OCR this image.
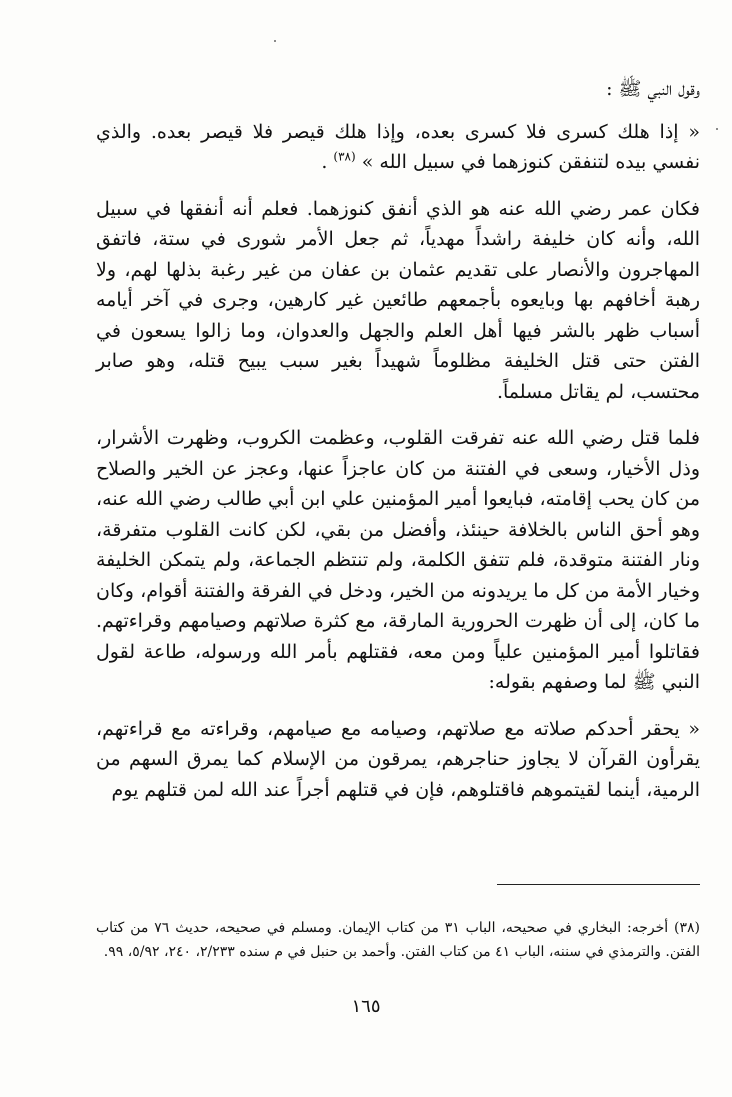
وقول النبي ﷺ :

« إذا هلك كسرى فلا كسرى بعده، وإذا هلك قيصر فلا قيصر بعده. والذي نفسي بيده لتنفقن كنوزهما في سبيل الله » $^{(٣٨)}$ .

فكان عمر رضي الله عنه هو الذي أنفق كنوزهما. فعلم أنه أنفقها في سبيل الله، وأنه كان خليفة راشداً مهدياً، ثم جعل الأمر شورى في ستة، فاتفق المهاجرون والأنصار على تقديم عثمان بن عفان من غير رغبة بذلها لهم، ولا رهبة أخافهم بها وبايعوه بأجمعهم طائعين غير كارهين، وجرى في آخر أيامه أسباب ظهر بالشر فيها أهل العلم والجهل والعدوان، وما زالوا يسعون في الفتن حتى قتل الخليفة مظلوماً شهيداً بغير سبب يبيح قتله، وهو صابر محتسب، لم يقاتل مسلماً.

فلما قتل رضي الله عنه تفرقت القلوب، وعظمت الكروب، وظهرت الأشرار، وذل الأخيار، وسعى في الفتنة من كان عاجزاً عنها، وعجز عن الخير والصلاح من كان يحب إقامته، فبايعوا أمير المؤمنين علي ابن أبي طالب رضي الله عنه، وهو أحق الناس بالخلافة حينئذ، وأفضل من بقي، لكن كانت القلوب متفرقة، ونار الفتنة متوقدة، فلم تتفق الكلمة، ولم تنتظم الجماعة، ولم يتمكن الخليفة وخيار الأمة من كل ما يريدونه من الخير، ودخل في الفرقة والفتنة أقوام، وكان ما كان، إلى أن ظهرت الحرورية المارقة، مع كثرة صلاتهم وصيامهم وقراءتهم. فقاتلوا أمير المؤمنين علياً ومن معه، فقتلهم بأمر الله ورسوله، طاعة لقول النبي ﷺ لما وصفهم بقوله:

« يحقر أحدكم صلاته مع صلاتهم، وصيامه مع صيامهم، وقراءته مع قراءتهم، يقرأون القرآن لا يجاوز حناجرهم، يمرقون من الإسلام كما يمرق السهم من الرمية، أينما لقيتموهم فاقتلوهم، فإن في قتلهم أجراً عند الله لمن قتلهم يوم

(٣٨) أخرجه: البخاري في صحيحه، الباب ٣١ من كتاب الإيمان. ومسلم في صحيحه، حديث ٧٦ من كتاب الفتن. والترمذي في سننه، الباب ٤١ من كتاب الفتن. وأحمد بن حنبل في م سنده ٢/٢٣٣، ٢٤٠، ٥/٩٢، ٩٩.

١٦٥
